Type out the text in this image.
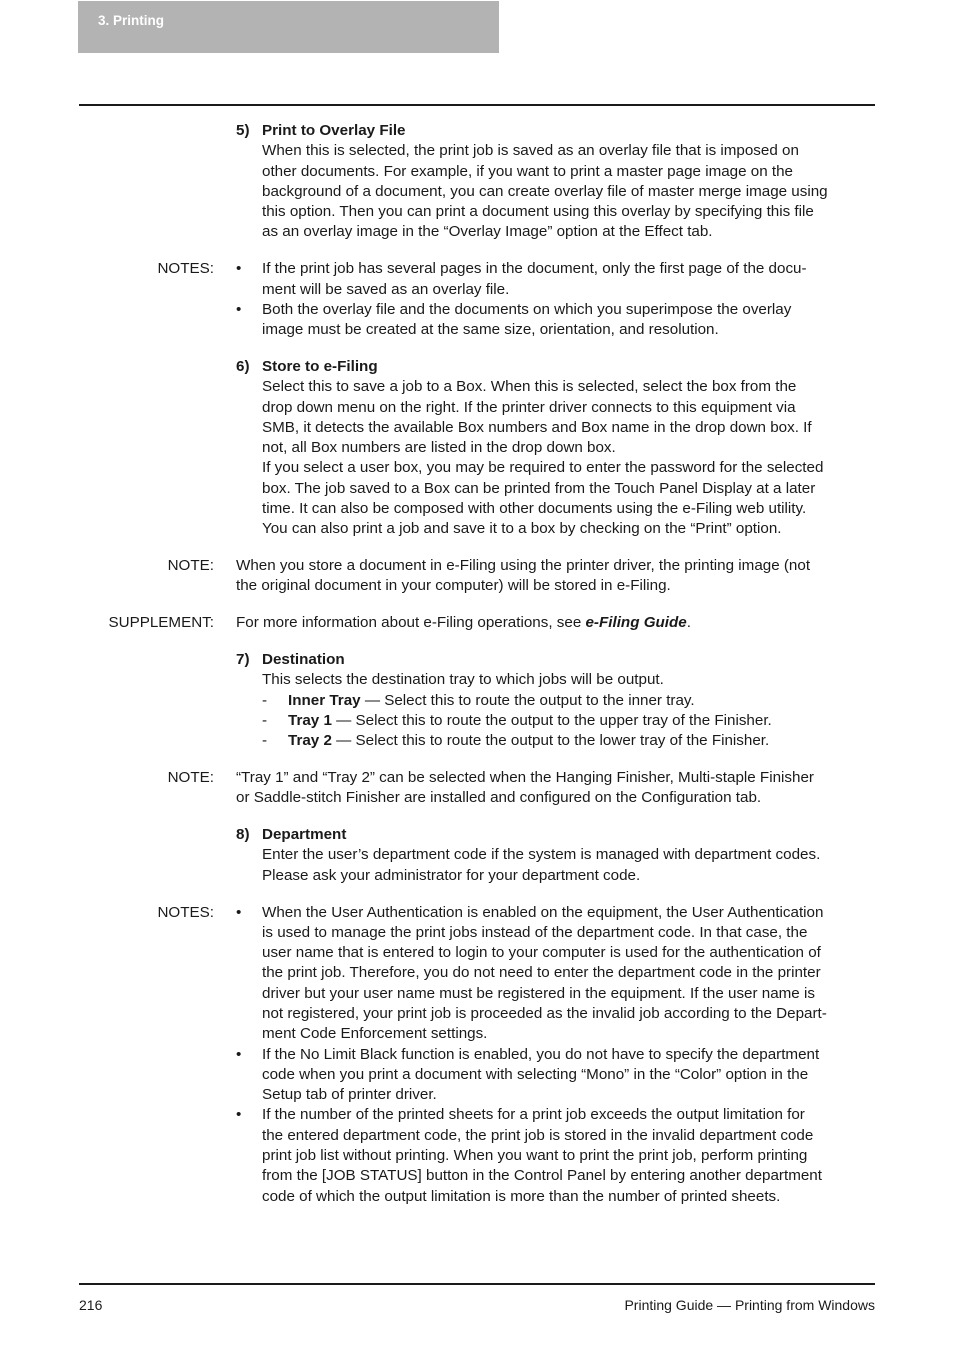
3. Printing
5) Print to Overlay File
When this is selected, the print job is saved as an overlay file that is imposed on
other documents. For example, if you want to print a master page image on the
background of a document, you can create overlay file of master merge image using
this option. Then you can print a document using this overlay by specifying this file
as an overlay image in the “Overlay Image” option at the Effect tab.
NOTES: •	If the print job has several pages in the document, only the first page of the docu-
ment will be saved as an overlay file.
•	Both the overlay file and the documents on which you superimpose the overlay
image must be created at the same size, orientation, and resolution.
6) Store to e-Filing
Select this to save a job to a Box. When this is selected, select the box from the
drop down menu on the right. If the printer driver connects to this equipment via
SMB, it detects the available Box numbers and Box name in the drop down box. If
not, all Box numbers are listed in the drop down box.
If you select a user box, you may be required to enter the password for the selected
box. The job saved to a Box can be printed from the Touch Panel Display at a later
time. It can also be composed with other documents using the e-Filing web utility.
You can also print a job and save it to a box by checking on the “Print” option.
NOTE: When you store a document in e-Filing using the printer driver, the printing image (not
the original document in your computer) will be stored in e-Filing.
SUPPLEMENT: For more information about e-Filing operations, see e-Filing Guide.
7) Destination
This selects the destination tray to which jobs will be output.
-	Inner Tray — Select this to route the output to the inner tray.
-	Tray 1 — Select this to route the output to the upper tray of the Finisher.
-	Tray 2 — Select this to route the output to the lower tray of the Finisher.
NOTE: “Tray 1” and “Tray 2” can be selected when the Hanging Finisher, Multi-staple Finisher
or Saddle-stitch Finisher are installed and configured on the Configuration tab.
8) Department
Enter the user’s department code if the system is managed with department codes.
Please ask your administrator for your department code.
NOTES: •	When the User Authentication is enabled on the equipment, the User Authentication
is used to manage the print jobs instead of the department code. In that case, the
user name that is entered to login to your computer is used for the authentication of
the print job. Therefore, you do not need to enter the department code in the printer
driver but your user name must be registered in the equipment. If the user name is
not registered, your print job is proceeded as the invalid job according to the Depart-
ment Code Enforcement settings.
•	If the No Limit Black function is enabled, you do not have to specify the department
code when you print a document with selecting “Mono” in the “Color” option in the
Setup tab of printer driver.
•	If the number of the printed sheets for a print job exceeds the output limitation for
the entered department code, the print job is stored in the invalid department code
print job list without printing. When you want to print the print job, perform printing
from the [JOB STATUS] button in the Control Panel by entering another department
code of which the output limitation is more than the number of printed sheets.
216	Printing Guide — Printing from Windows
